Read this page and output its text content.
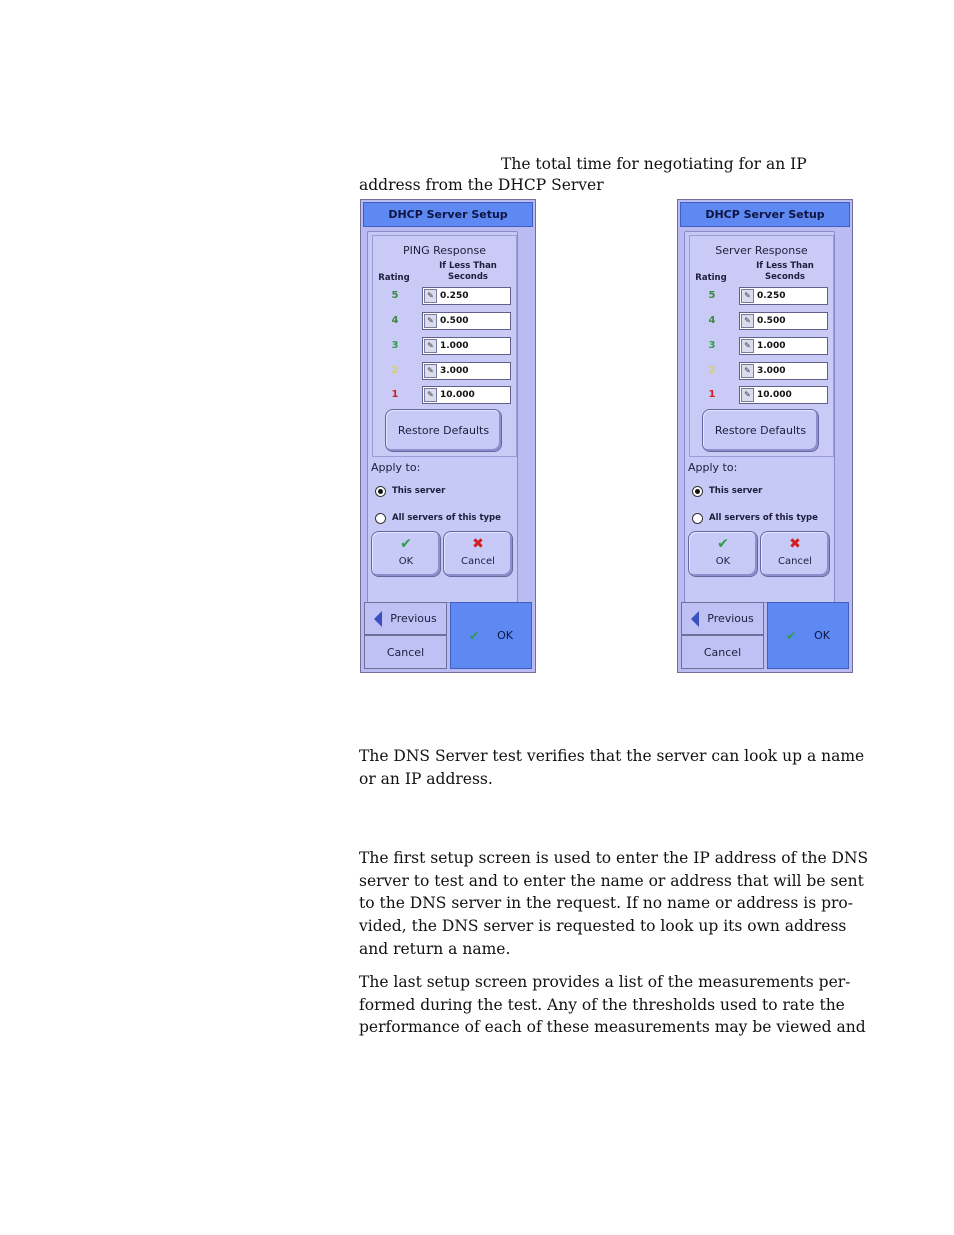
The total time for negotiating for an IP

address from the DHCP Server

DHCP Server Setup
PING Response
If Less Than
Seconds
Rating
5	✎ 0.250
4	✎ 0.500
3	✎ 1.000
2	✎ 3.000
1	✎ 10.000
Restore Defaults
Apply to:
This server
All servers of this type
✔
OK
✖
Cancel
Previous
Cancel
✔ OK
DHCP Server Setup
Server Response
If Less Than
Seconds
Rating
5	✎ 0.250
4	✎ 0.500
3	✎ 1.000
2	✎ 3.000
1	✎ 10.000
Restore Defaults
Apply to:
This server
All servers of this type
✔
OK
✖
Cancel
Previous
Cancel
✔ OK

The DNS Server test verifies that the server can look up a name
or an IP address.

The first setup screen is used to enter the IP address of the DNS
server to test and to enter the name or address that will be sent
to the DNS server in the request. If no name or address is pro-
vided, the DNS server is requested to look up its own address
and return a name.

The last setup screen provides a list of the measurements per-
formed during the test. Any of the thresholds used to rate the
performance of each of these measurements may be viewed and
